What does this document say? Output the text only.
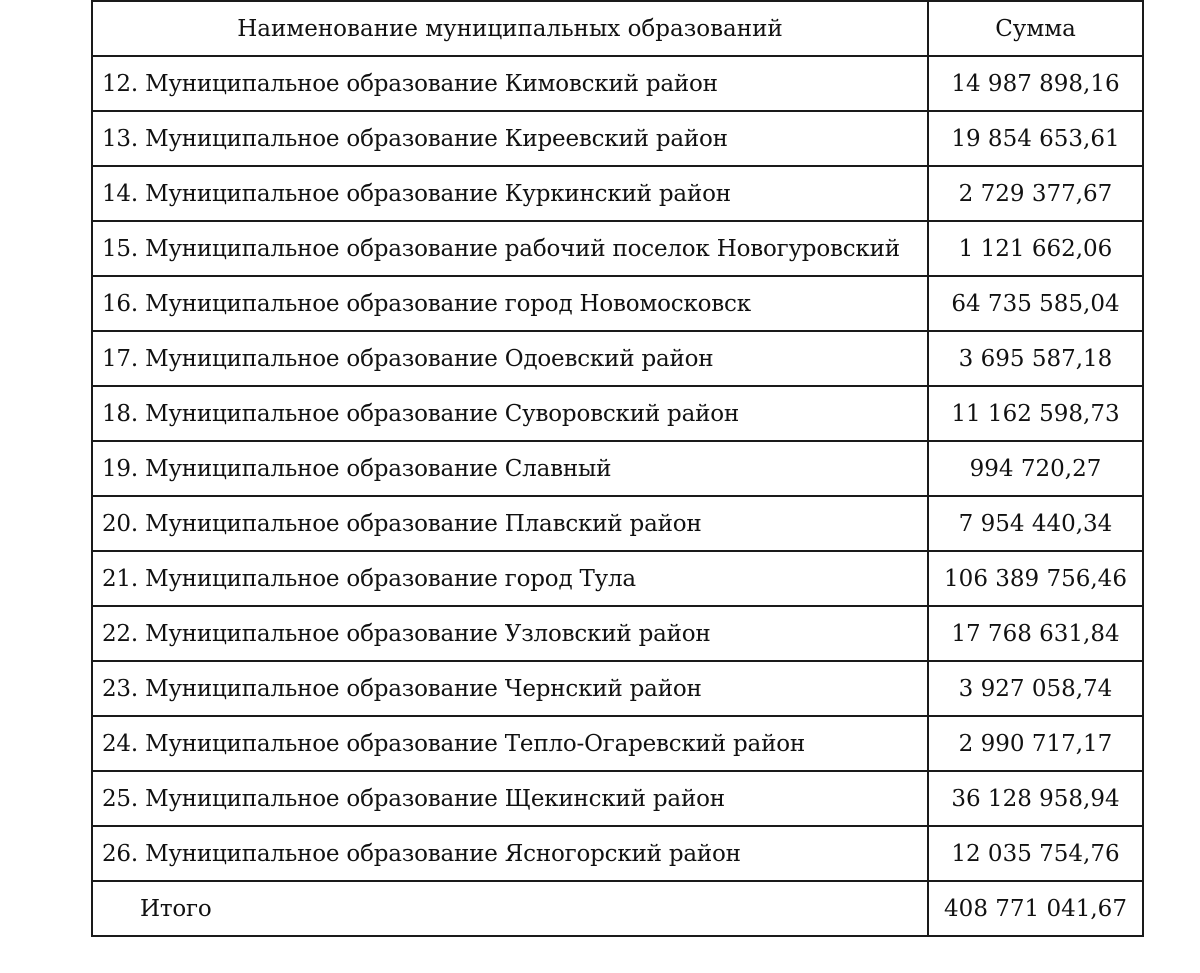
Наименование муниципальных образований	Сумма
12. Муниципальное образование Кимовский район	14 987 898,16
13. Муниципальное образование Киреевский район	19 854 653,61
14. Муниципальное образование Куркинский район	2 729 377,67
15. Муниципальное образование рабочий поселок Новогуровский	1 121 662,06
16. Муниципальное образование город Новомосковск	64 735 585,04
17. Муниципальное образование Одоевский район	3 695 587,18
18. Муниципальное образование Суворовский район	11 162 598,73
19. Муниципальное образование Славный	994 720,27
20. Муниципальное образование Плавский район	7 954 440,34
21. Муниципальное образование город Тула	106 389 756,46
22. Муниципальное образование Узловский район	17 768 631,84
23. Муниципальное образование Чернский район	3 927 058,74
24. Муниципальное образование Тепло-Огаревский район	2 990 717,17
25. Муниципальное образование Щекинский район	36 128 958,94
26. Муниципальное образование Ясногорский район	12 035 754,76
Итого	408 771 041,67
